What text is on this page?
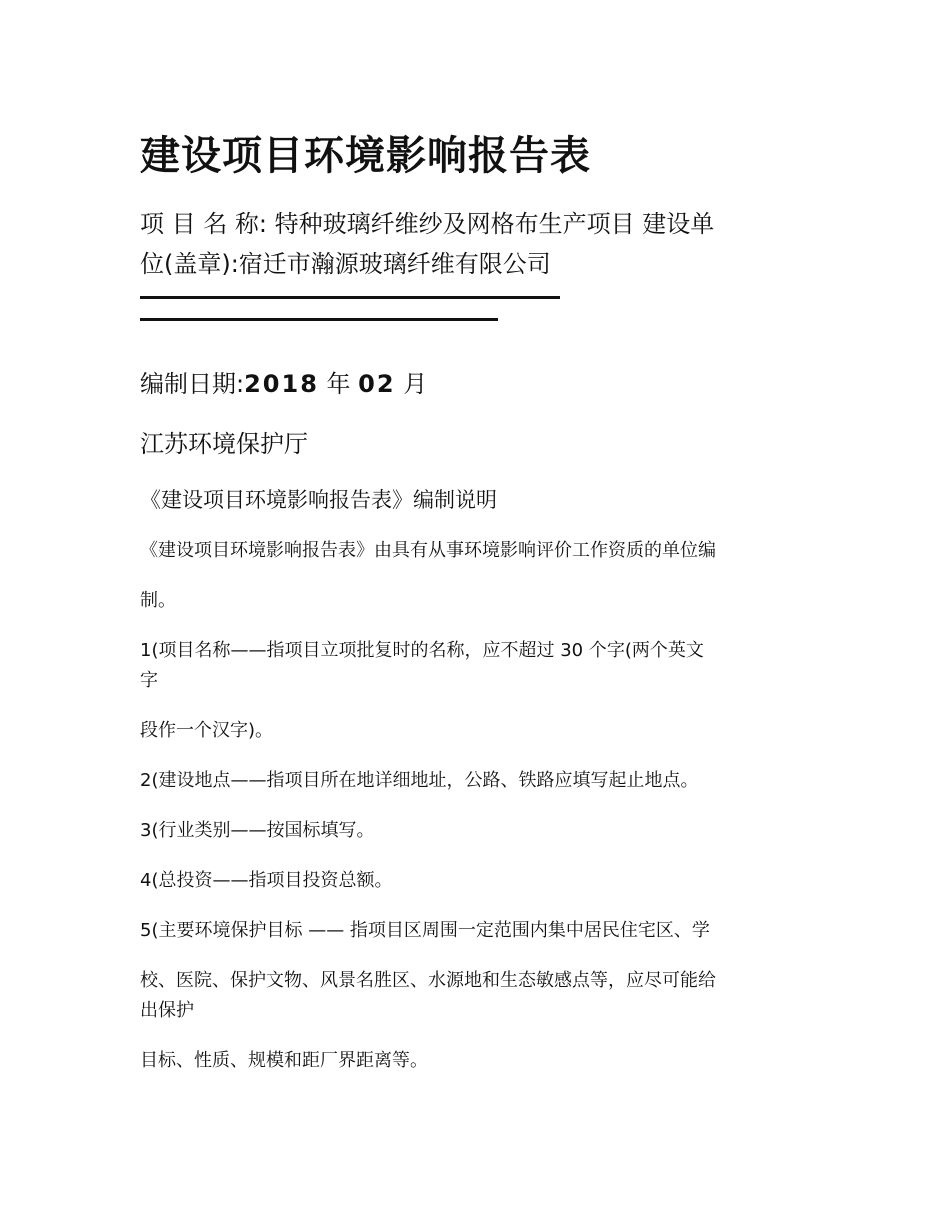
建设项目环境影响报告表

项 目 名 称: 特种玻璃纤维纱及网格布生产项目 建设单

位(盖章):宿迁市瀚源玻璃纤维有限公司

编制日期:2018 年 02 月

江苏环境保护厅

《建设项目环境影响报告表》编制说明

《建设项目环境影响报告表》由具有从事环境影响评价工作资质的单位编

制。

1(项目名称——指项目立项批复时的名称，应不超过 30 个字(两个英文

字

段作一个汉字)。

2(建设地点——指项目所在地详细地址，公路、铁路应填写起止地点。

3(行业类别——按国标填写。

4(总投资——指项目投资总额。

5(主要环境保护目标 —— 指项目区周围一定范围内集中居民住宅区、学

校、医院、保护文物、风景名胜区、水源地和生态敏感点等，应尽可能给

出保护

目标、性质、规模和距厂界距离等。
